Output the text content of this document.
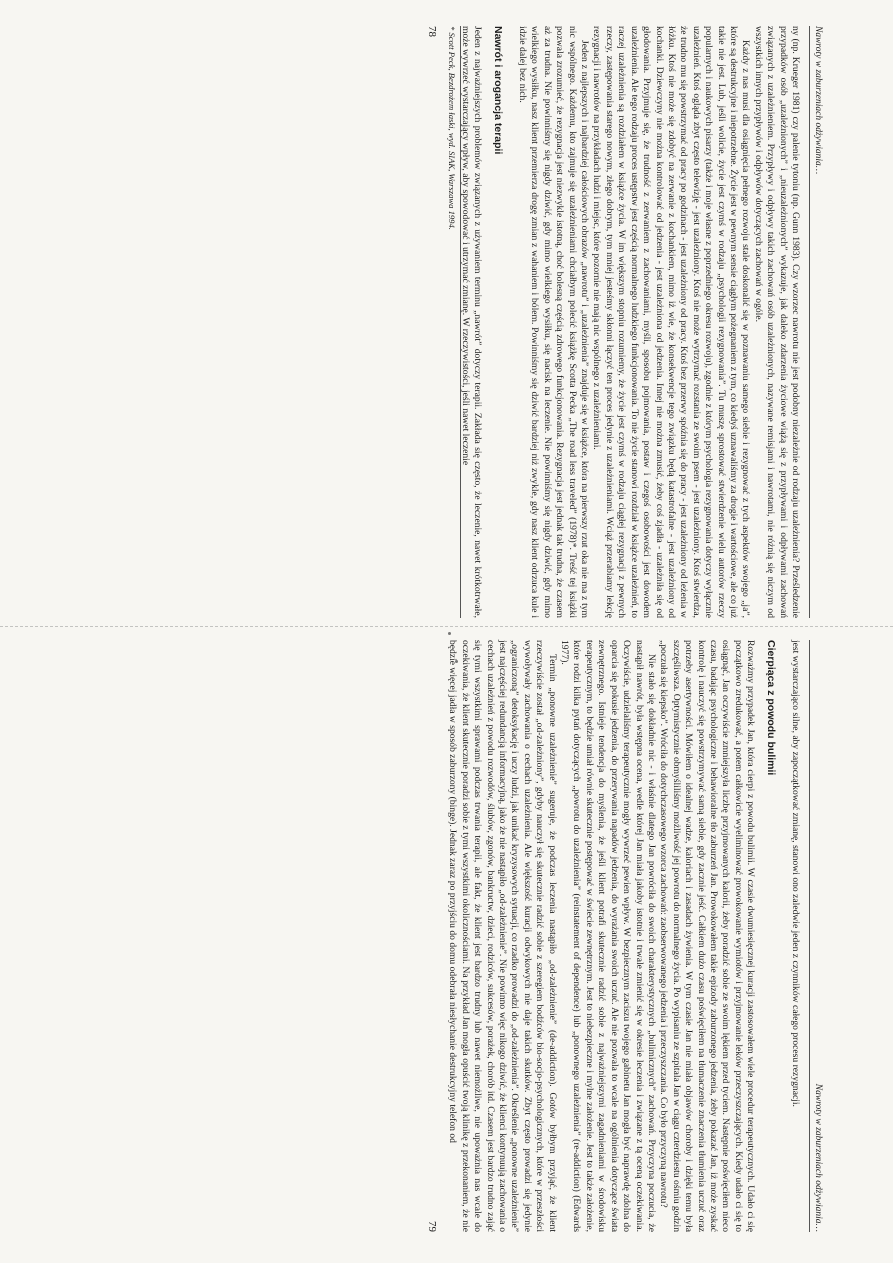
Nawroty w zaburzeniach odżywiania…

ny (np. Krueger 1981) czy palenie tytoniu (np. Gunn 1983). Czy wzorzec nawrotu nie jest podobny niezależnie od rodzaju uzależnienia? Prześledzenie przypadków osób „uzależnionych” i „nieuzależnionych” wykazuje, jak daleko zdarzenia życiowe wiążą się z przypływami i odpływami zachowań związanych z uzależnieniem. Przypływy i odpływy takich zachowań osób uzależnionych, nazywane remisjami i nawrotami, nie różnią się niczym od wszystkich innych przypływów i odpływów dotyczących zachowań w ogóle.

Każdy z nas musi dla osiągnięcia pełnego rozwoju stale doskonalić się w poznawaniu samego siebie i rezygnować z tych aspektów swojego „ja”, które są destrukcyjne i niepotrzebne. Życie jest w pewnym sensie ciągłym pożegnaniem z tym, co kiedyś uznawaliśmy za drogie i wartościowe, ale co już takie nie jest. Lub, jeśli wolicie, życie jest czymś w rodzaju „psychologii rezygnowania”. Tu muszę sprostować stwierdzenie wielu autorów rzeczy popularnych i naukowych pisarzy (także i moje własne z poprzedniego okresu rozwoju), zgodnie z którym psychologia rezygnowania dotyczy wyłącznie uzależnień. Ktoś ogląda zbyt często telewizję - jest uzależniony. Ktoś nie może wytrzymać rozstania ze swoim psem - jest uzależniony. Ktoś stwierdza, że trudno mu się powstrzymać od pracy po godzinach - jest uzależniony od pracy. Ktoś bez przerwy spóźnia się do pracy - jest uzależniony od leżenia w łóżku. Ktoś nie może się zdobyć na zerwanie z kochankiem, mimo iż wie, że konsekwencje tego związku będą katastrofalne - jest uzależniony od kochanki. Dziewczyny nie można kontrolować od jedzenia - jest uzależniona od jedzenia. Innej nie można zmusić, żeby coś zjadła - uzależniła się od głodowania. Przyjmuje się, że trudność z zerwaniem z zachowaniami, myśli, sposobu pojmowania, postaw i czegoś osobowości jest dowodem uzależnienia. Ale tego rodzaju proces ustępstw jest częścią normalnego ludzkiego funkcjonowania. To nie życie stanowi rozdział w książce uzależnień, to raczej uzależnienia są rozdziałem w książce życia. W im większym stopniu rozumiemy, że życie jest czymś w rodzaju ciągłej rezygnacji z pewnych rzeczy, zastępowania starego nowym, złego dobrym, tym mniej jesteśmy skłonni łączyć ten proces jedynie z uzależnieniami. Wciąż przerabiamy lekcję rezygnacji i nawrotów na przykładach ludzi i miejsc, które pozornie nie mają nic wspólnego z uzależnieniami.

Jeden z najlepszych i najbardziej całościowych obrazów „nawrotu” i „uzależnienia” znajduje się w książce, która na pierwszy rzut oka nie ma z tym nic wspólnego. Każdemu, kto zajmuje się uzależnieniami chciałbym polecić książkę Scotta Pecka „The road less traveled” (1978)*. Treść tej książki pozwala zrozumieć, że rezygnacja jest niezwykle istotną, choć bolesną częścią zdrowego funkcjonowania. Rezygnacja jest jednak tak trudna, że czasem aż za trudna. Nie powinniśmy się nigdy dziwić, gdy mimo wielkiego wysiłku, się nacisk na leczenie. Nie powinniśmy się nigdy dziwić, gdy mimo wielkiego wysiłku, nasz klient przemierza drogę zmian z wahaniem i bólem. Powinniśmy się dziwić bardziej niż zwykle, gdy nasz klient odrzuca kule i idzie dalej bez nich.

Nawrót i arogancja terapii

Jeden z najważniejszych problemów związanych z używaniem terminu „nawrót” dotyczy terapii. Zakłada się często, że leczenie, nawet krótkotrwałe, może wywrzeć wystarczający wpływ, aby spowodować i utrzymać zmianę. W rzeczywistości, jeśli nawet leczenie

* Scott Peck, Bezdrożem łaski, wyd. SIAK, Warszawa 1994.
78
Nawroty w zaburzeniach odżywiania…

jest wystarczająco silne, aby zapoczątkować zmianę, stanowi ono zaledwie jeden z czynników całego procesu rezygnacji.

Cierpiąca z powodu bulimii

Rozważmy przypadek Jan, która cierpi z powodu bulimii. W czasie dwumiesięcznej kuracji zastosowałem wiele procedur terapeutycznych. Udało ci się początkowo zredukować, a potem całkowicie wyeliminować prowokowanie wymiotów i przyjmowanie leków przeczyszczających. Kiedy udało ci się to osiągnąć, Jan oczywiście zmniejszyła liczbę przyjmowanych kalorii, żeby poradzić sobie ze swoim lękiem przed tyciem. Następnie poświęciłem nieco czasu, badając psychologiczne i behawioralne tło zaburzeń Jan. Prowokowałem takie epizody zaburzonego jedzenia, żeby pokazać Jan, iż może zyskać kontrolę i nauczyć się powstrzymywać samą siebie, gdy zacznie jeść. Całkiem dużo czasu poświęciłem na tłumaczenie znaczenia tłumienia uczuć oraz potrzeby asertywności. Mówiłem o idealnej wadze, kaloriach i zasadach żywienia. W tym czasie Jan nie miała objawów choroby i dzięki temu była szczęśliwsza. Optymistycznie obmyśliliśmy możliwość jej powrotu do normalnego życia. Po wypisaniu ze szpitala Jan w ciągu czterdziestu ośmiu godzin „poczuła się kiepsko”. Wróciła do dotychczasowego wzorca zachowań: zaobserwowanego jedzenia i przeczyszczania. Co było przyczyną nawrotu?

Nie stało się dokładnie nic - i właśnie dlatego Jan powróciła do swoich charakterystycznych „bulimicznych” zachowań. Przyczyna poczucia, że nastąpił nawrót, była wstępna ocena, wedle której Jan miała jakoby istotnie i trwale zmienić się w okresie leczenia i związane z tą oceną oczekiwania. Oczywiście, udzielaliśmy terapeutycznie mogły wywrzeć pewien wpływ. W bezpiecznym zaciszu twojego gabinetu Jan mogła być naprawdę zdolna do oparcia się pokusie jedzenia, do przerywania napadów jedzenia, do wyrażania swoich uczuć. Ale nie pozwala to wcale na ogólnienia dotyczące świata zewnętrznego. Istnieje tendencja do myślenia, że jeśli klient potrafi skutecznie radzić sobie z najważniejszymi zagadnieniami w środowisku terapeutycznym, to będzie umiał równie skutecznie postępować w świecie zewnętrznym. Jest to niebezpieczne i mylne założenie. Jest to także założenie, które rodzi kilka pytań dotyczących „powrotu do uzależnienia” (reinstatement of dependence) lub „ponownego uzależnienia” (re-addiction) (Edwards 1977).

Termin „ponowne uzależnienie” sugeruje, że podczas leczenia nastąpiło „od-zależnienie” (de-addiction). Gotów byłbym przyjąć, że klient rzeczywiście został „od-zależniony”, gdyby nauczył się skutecznie radzić sobie z szeregiem bodźców bio-socjo-psychologicznych, które w przeszłości wywoływały zachowania o cechach uzależnienia. Ale większość kuracji odwykowych nie daje takich skutków. Zbyt często prowadzi się jedynie „ograniczoną” detoksykację i uczy ludzi, jak unikać kryzysowych sytuacji, co rzadko prowadzi do „od-zależnienia”. Określenie „ponowne uzależnienie” jest najczęściej redundancją informacyjną, jako że nie nastąpiło „od-zależnienie”. Nie powinno więc nikogo dziwić, że klienci kontynuują zachowania o cechach uzależnień z powodu rozwodów, ślubów, zgonów, bankructw, dzieci, rodziców, sukcesów, porażek, chorób itd. Czasem jest bardzo trudno zająć się tymi wszystkimi sprawami podczas trwania terapii, ale fakt, że klient jest bardzo trudny lub nawet niemożliwe, nie upoważnia nas wcale do oczekiwania, że klient skutecznie poradzi sobie z tymi wszystkimi okolicznościami. Na przykład Jan mogła opuścić twoją klinikę z przekonaniem, że nie będzie więcej jadła w sposób zaburzony (binge). Jednak zaraz po przyjściu do domu odebrała niesłychanie destrukcyjny telefon od

79
